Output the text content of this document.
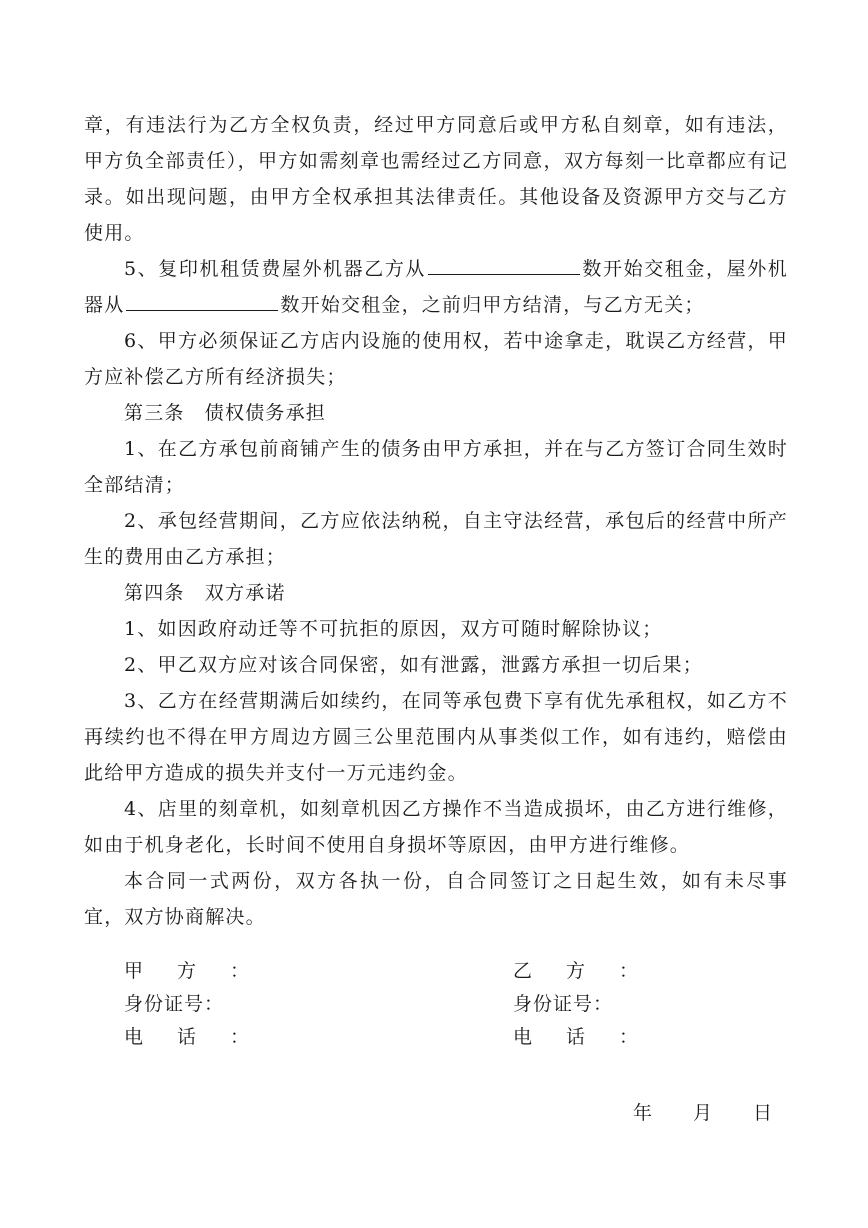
章，有违法行为乙方全权负责，经过甲方同意后或甲方私自刻章，如有违法，甲方负全部责任），甲方如需刻章也需经过乙方同意，双方每刻一比章都应有记录。如出现问题，由甲方全权承担其法律责任。其他设备及资源甲方交与乙方使用。

5、复印机租赁费屋外机器乙方从	数开始交租金，屋外机器从	数开始交租金，之前归甲方结清，与乙方无关；

6、甲方必须保证乙方店内设施的使用权，若中途拿走，耽误乙方经营，甲方应补偿乙方所有经济损失；

第三条　债权债务承担

1、在乙方承包前商铺产生的债务由甲方承担，并在与乙方签订合同生效时全部结清；

2、承包经营期间，乙方应依法纳税，自主守法经营，承包后的经营中所产生的费用由乙方承担；

第四条　双方承诺

1、如因政府动迁等不可抗拒的原因，双方可随时解除协议；

2、甲乙双方应对该合同保密，如有泄露，泄露方承担一切后果；

3、乙方在经营期满后如续约，在同等承包费下享有优先承租权，如乙方不再续约也不得在甲方周边方圆三公里范围内从事类似工作，如有违约，赔偿由此给甲方造成的损失并支付一万元违约金。

4、店里的刻章机，如刻章机因乙方操作不当造成损坏，由乙方进行维修，如由于机身老化，长时间不使用自身损坏等原因，由甲方进行维修。

本合同一式两份，双方各执一份，自合同签订之日起生效，如有未尽事宜，双方协商解决。

甲方：	乙方：
身份证号：	身份证号：
电话：	电话：
年　　月　　日
